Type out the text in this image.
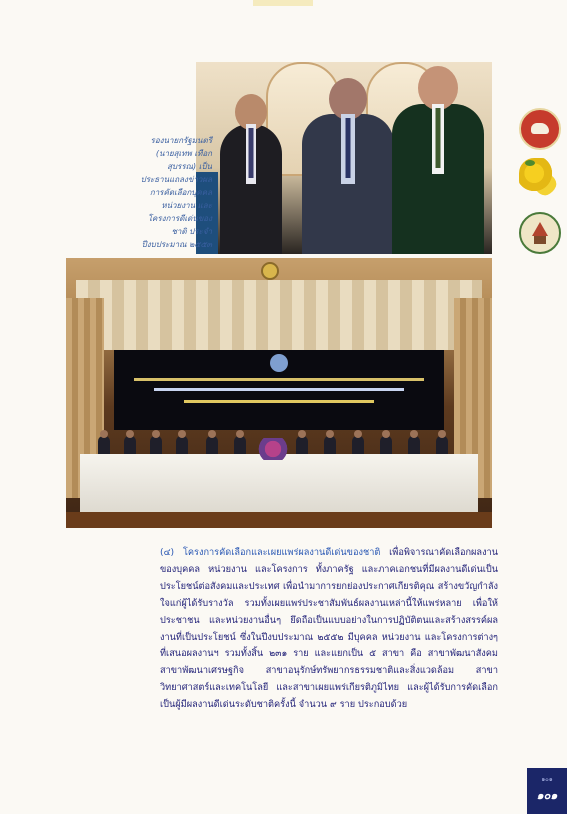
รองนายกรัฐมนตรี (นายสุเทพ เทือกสุบรรณ) เป็นประธานแถลงข่าวผลการคัดเลือกบุคคล หน่วยงาน และโครงการดีเด่นของชาติ ประจำปีงบประมาณ ๒๕๕๓

(๔) โครงการคัดเลือกและเผยแพร่ผลงานดีเด่นของชาติ เพื่อพิจารณาคัดเลือกผลงานของบุคคล หน่วยงาน และโครงการ ทั้งภาครัฐ และภาคเอกชนที่มีผลงานดีเด่นเป็นประโยชน์ต่อสังคมและประเทศ เพื่อนำมาการยกย่องประกาศเกียรติคุณ สร้างขวัญกำลังใจแก่ผู้ได้รับรางวัล รวมทั้งเผยแพร่ประชาสัมพันธ์ผลงานเหล่านี้ให้แพร่หลาย เพื่อให้ประชาชน และหน่วยงานอื่นๆ ยึดถือเป็นแบบอย่างในการปฏิบัติตนและสร้างสรรค์ผลงานที่เป็นประโยชน์ ซึ่งในปีงบประมาณ ๒๕๕๒ มีบุคคล หน่วยงาน และโครงการต่างๆ ที่เสนอผลงานฯ รวมทั้งสิ้น ๒๓๑ ราย และแยกเป็น ๕ สาขา คือ สาขาพัฒนาสังคม สาขาพัฒนาเศรษฐกิจ สาขาอนุรักษ์ทรัพยากรธรรมชาติและสิ่งแวดล้อม สาขาวิทยาศาสตร์และเทคโนโลยี และสาขาเผยแพร่เกียรติภูมิไทย และผู้ได้รับการคัดเลือกเป็นผู้มีผลงานดีเด่นระดับชาติครั้งนี้ จำนวน ๙ ราย ประกอบด้วย

๑๐๑

๑๐๑
